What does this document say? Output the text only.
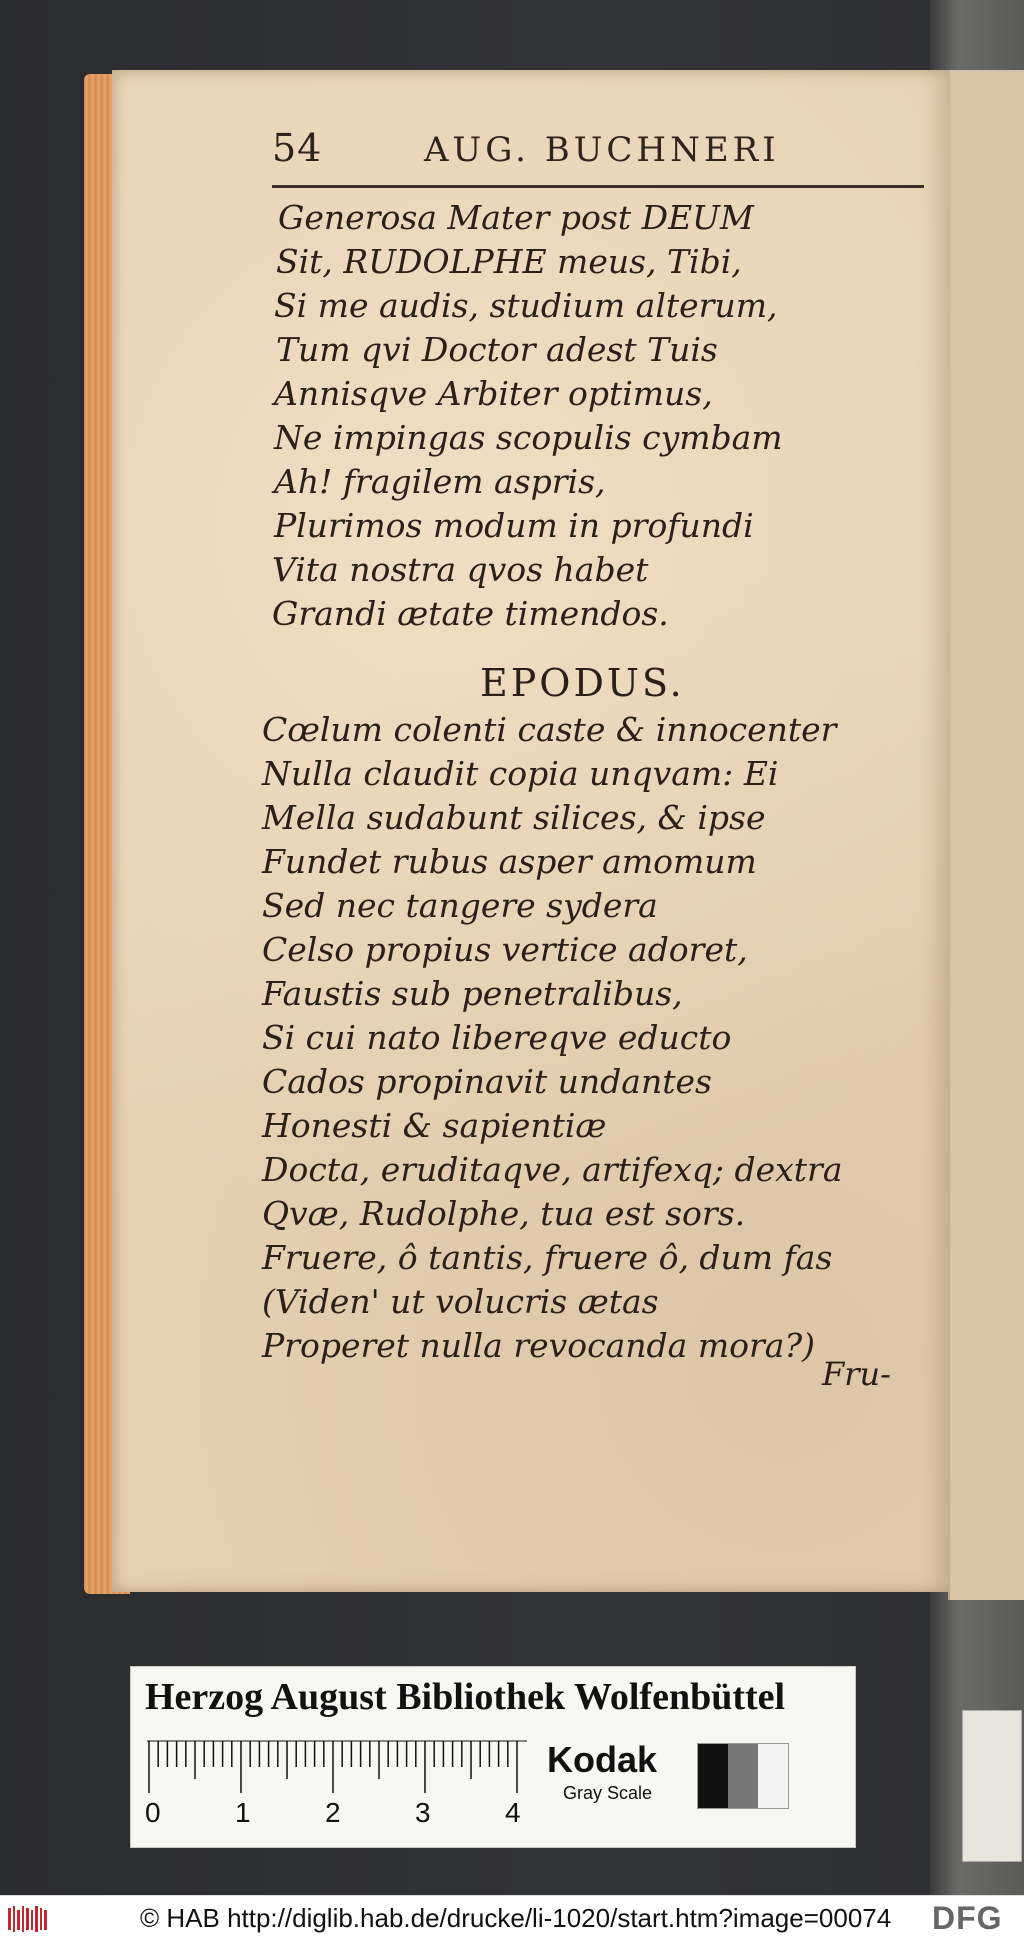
54	AUG. BUCHNERI
Generosa Mater post DEUM
Sit, RUDOLPHE meus, Tibi,
Si me audis, studium alterum,
Tum qvi Doctor adest Tuis
Annisqve Arbiter optimus,
Ne impingas scopulis cymbam
Ah! fragilem aspris,
Plurimos modum in profundi
Vita nostra qvos habet
Grandi ætate timendos.
EPODUS.
Cœlum colenti caste & innocenter
Nulla claudit copia unqvam: Ei
Mella sudabunt silices, & ipse
Fundet rubus asper amomum
Sed nec tangere sydera
Celso propius vertice adoret,
Faustis sub penetralibus,
Si cui nato libereqve educto
Cados propinavit undantes
Honesti & sapientiæ
Docta, eruditaqve, artifexq; dextra
Qvæ, Rudolphe, tua est sors.
Fruere, ô tantis, fruere ô, dum fas
(Viden' ut volucris ætas
Properet nulla revocanda mora?)
Fru-
Herzog August Bibliothek Wolfenbüttel
0	1	2	3	4
Kodak
Gray Scale
© HAB http://diglib.hab.de/drucke/li-1020/start.htm?image=00074 DFG
